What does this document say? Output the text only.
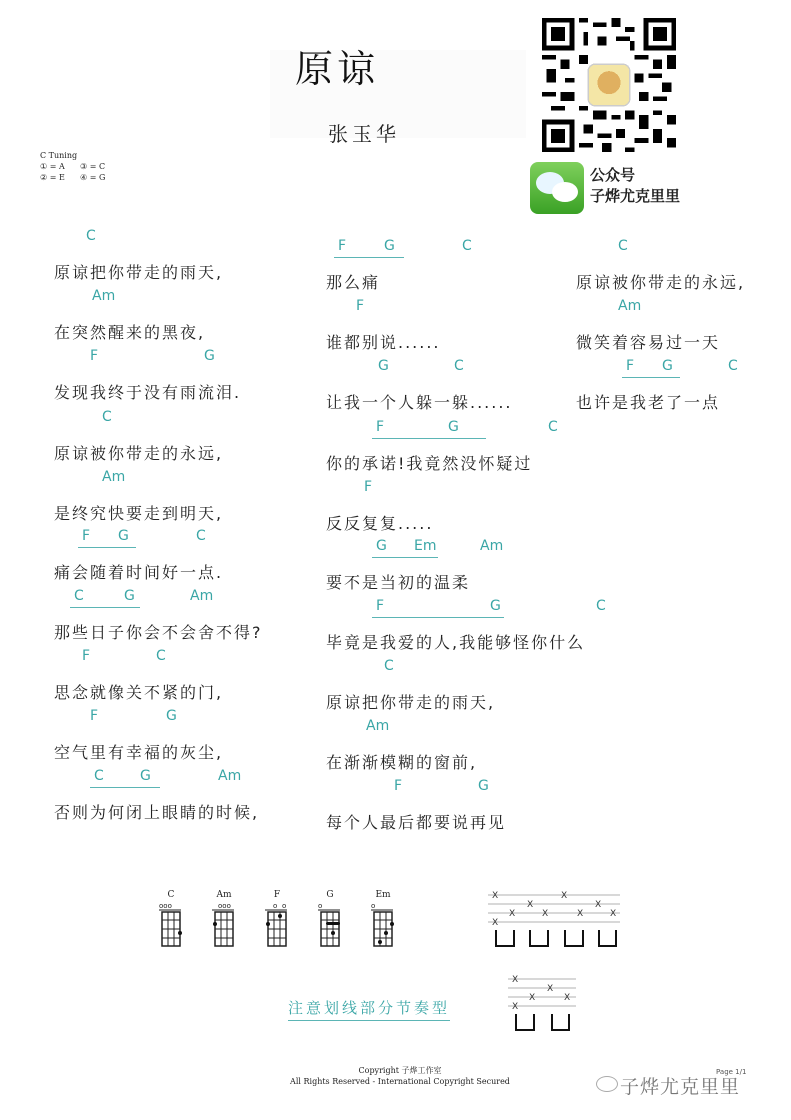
原谅
张玉华
公众号
子烨尤克里里
C Tuning
① = A ③ = C
② = E ④ = G
C
原谅把你带走的雨天,
Am
在突然醒来的黑夜,
F	G
发现我终于没有雨流泪.
C
原谅被你带走的永远,
Am
是终究快要走到明天,
F G	C
痛会随着时间好一点.
C	G	Am
那些日子你会不会舍不得?
F	C
思念就像关不紧的门,
F	G
空气里有幸福的灰尘,
C	G	Am
否则为何闭上眼睛的时候,
F	G	C
那么痛
F
谁都别说......
G	C
让我一个人躲一躲......
F	G	C
你的承诺!我竟然没怀疑过
F
反反复复.....
G Em	Am
要不是当初的温柔
F	G	C
毕竟是我爱的人,我能够怪你什么
C
原谅把你带走的雨天,
Am
在渐渐模糊的窗前,
F	G
每个人最后都要说再见
C
原谅被你带走的永远,
Am
微笑着容易过一天
F G	C
也许是我老了一点
C
ooo
Am
ooo
F
o o
G
o
Em
o
X
X
X
X
X
X
X
X
X
注意划线部分节奏型
X
X
X
X
X
Copyright 子烨工作室
All Rights Reserved - International Copyright Secured	子烨尤克里里
Page 1/1
